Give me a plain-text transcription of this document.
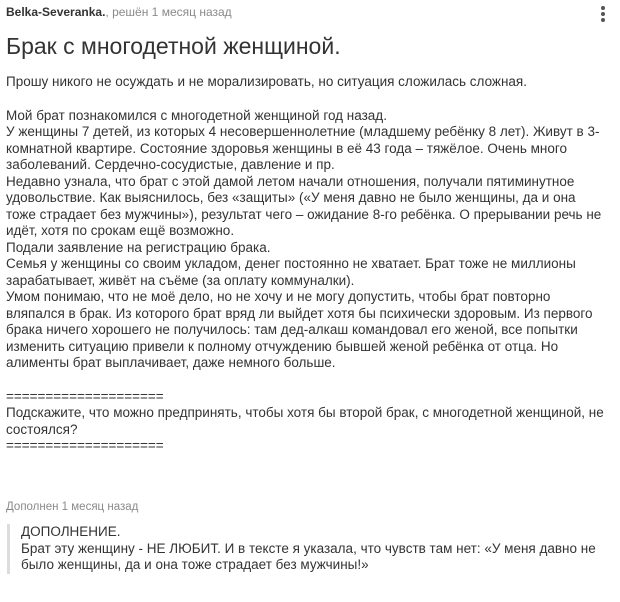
Belka-Severanka., решён 1 месяц назад
Брак с многодетной женщиной.

Прошу никого не осуждать и не морализировать, но ситуация сложилась сложная.

Мой брат познакомился с многодетной женщиной год назад.
У женщины 7 детей, из которых 4 несовершеннолетние (младшему ребёнку 8 лет). Живут в 3-комнатной квартире. Состояние здоровья женщины в её 43 года – тяжёлое. Очень много заболеваний. Сердечно-сосудистые, давление и пр.
Недавно узнала, что брат с этой дамой летом начали отношения, получали пятиминутное удовольствие. Как выяснилось, без «защиты» («У меня давно не было женщины, да и она тоже страдает без мужчины»), результат чего – ожидание 8-го ребёнка. О прерывании речь не идёт, хотя по срокам ещё возможно.
Подали заявление на регистрацию брака.
Семья у женщины со своим укладом, денег постоянно не хватает. Брат тоже не миллионы зарабатывает, живёт на съёме (за оплату коммуналки).
Умом понимаю, что не моё дело, но не хочу и не могу допустить, чтобы брат повторно вляпался в брак. Из которого брат вряд ли выйдет хотя бы психически здоровым. Из первого брака ничего хорошего не получилось: там дед-алкаш командовал его женой, все попытки изменить ситуацию привели к полному отчуждению бывшей женой ребёнка от отца. Но алименты брат выплачивает, даже немного больше.

====================

Подскажите, что можно предпринять, чтобы хотя бы второй брак, с многодетной женщиной, не состоялся?

====================

Дополнен 1 месяц назад

ДОПОЛНЕНИЕ.

Брат эту женщину - НЕ ЛЮБИТ. И в тексте я указала, что чувств там нет: «У меня давно не было женщины, да и она тоже страдает без мужчины!»
